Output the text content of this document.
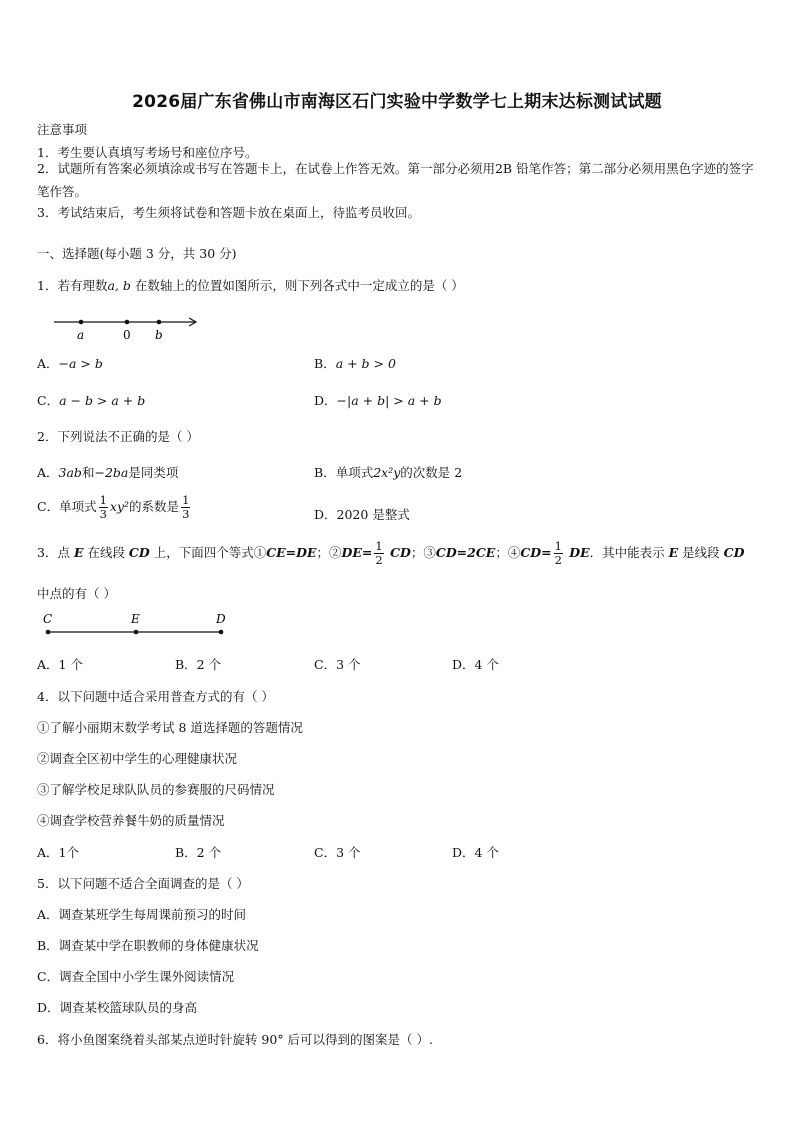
2026届广东省佛山市南海区石门实验中学数学七上期末达标测试试题
注意事项
1．考生要认真填写考场号和座位序号。
2．试题所有答案必须填涂或书写在答题卡上，在试卷上作答无效。第一部分必须用2B 铅笔作答；第二部分必须用黑色字迹的签字笔作答。
3．考试结束后，考生须将试卷和答题卡放在桌面上，待监考员收回。
一、选择题(每小题 3 分，共 30 分)
1．若有理数a, b 在数轴上的位置如图所示，则下列各式中一定成立的是（ ）
a	0 b
A．−a > b	B．a + b > 0
C．a − b > a + b	D．−|a + b| > a + b
2．下列说法不正确的是（ ）
A．3ab和−2ba是同类项	B．单项式2x²y的次数是 2
C．单项式 $\frac{1}{3} xy^2$的系数是 $\frac{1}{3}$	D．2020 是整式
3．点 E 在线段 CD 上，下面四个等式①CE=DE；②DE= $\frac{1}{2}$ CD；③CD=2CE；④CD= $\frac{1}{2}$ DE．其中能表示 E 是线段 CD
中点的有（ ）
C	E	D
A．1 个	B．2 个	C．3 个	D．4 个
4．以下问题中适合采用普查方式的有（ ）
①了解小丽期末数学考试 8 道选择题的答题情况
②调查全区初中学生的心理健康状况
③了解学校足球队队员的参赛服的尺码情况
④调查学校营养餐牛奶的质量情况
A．1个	B．2 个	C．3 个	D．4 个
5．以下问题不适合全面调查的是（ ）
A．调查某班学生每周课前预习的时间
B．调查某中学在职教师的身体健康状况
C．调查全国中小学生课外阅读情况
D．调查某校篮球队员的身高
6．将小鱼图案绕着头部某点逆时针旋转 90° 后可以得到的图案是（ ）.
